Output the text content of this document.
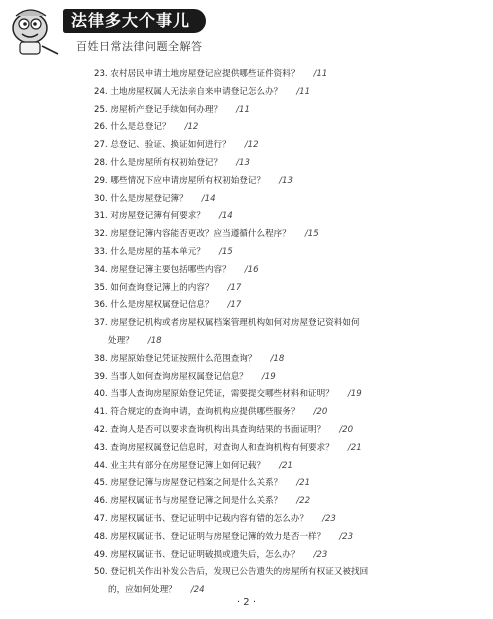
法律多大个事儿
百姓日常法律问题全解答
23. 农村居民申请土地房屋登记应提供哪些证件资料？ /11
24. 土地房屋权属人无法亲自来申请登记怎么办？ /11
25. 房屋析产登记手续如何办理？ /11
26. 什么是总登记？ /12
27. 总登记、验证、换证如何进行？ /12
28. 什么是房屋所有权初始登记？ /13
29. 哪些情况下应申请房屋所有权初始登记？ /13
30. 什么是房屋登记簿？ /14
31. 对房屋登记簿有何要求？ /14
32. 房屋登记簿内容能否更改？应当遵循什么程序？ /15
33. 什么是房屋的基本单元？ /15
34. 房屋登记簿主要包括哪些内容？ /16
35. 如何查询登记簿上的内容？ /17
36. 什么是房屋权属登记信息？ /17
37. 房屋登记机构或者房屋权属档案管理机构如何对房屋登记资料如何
处理？ /18
38. 房屋原始登记凭证按照什么范围查询？ /18
39. 当事人如何查询房屋权属登记信息？ /19
40. 当事人查询房屋原始登记凭证，需要提交哪些材料和证明？ /19
41. 符合规定的查询申请，查询机构应提供哪些服务？ /20
42. 查询人是否可以要求查询机构出具查询结果的书面证明？ /20
43. 查询房屋权属登记信息时，对查询人和查询机构有何要求？ /21
44. 业主共有部分在房屋登记簿上如何记载？ /21
45. 房屋登记簿与房屋登记档案之间是什么关系？ /21
46. 房屋权属证书与房屋登记簿之间是什么关系？ /22
47. 房屋权属证书、登记证明中记载内容有错的怎么办？ /23
48. 房屋权属证书、登记证明与房屋登记簿的效力是否一样？ /23
49. 房屋权属证书、登记证明破损或遗失后，怎么办？ /23
50. 登记机关作出补发公告后，发现已公告遗失的房屋所有权证又被找回
的，应如何处理？ /24
· 2 ·
